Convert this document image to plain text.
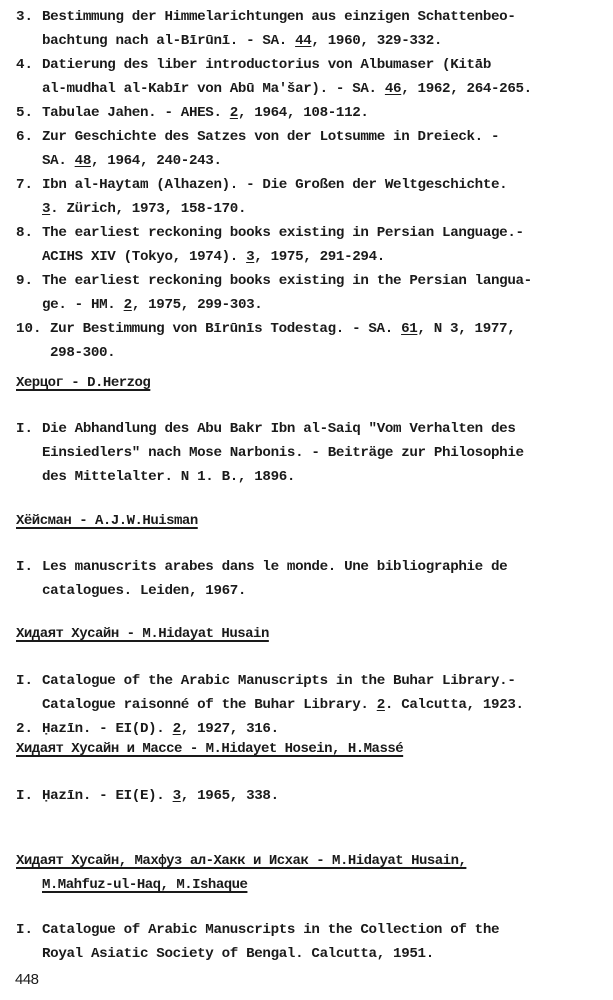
3. Bestimmung der Himmelarichtungen aus einzigen Schattenbeo-
bachtung nach al-Bīrūnī. - SA. 44, 1960, 329-332.
4. Datierung des liber introductorius von Albumaser (Kitāb
al-mudhal al-Kabīr von Abū Ma'šar). - SA. 46, 1962, 264-265.
5. Tabulae Jahen. - AHES. 2, 1964, 108-112.
6. Zur Geschichte des Satzes von der Lotsumme in Dreieck. -
SA. 48, 1964, 240-243.
7. Ibn al-Haytam (Alhazen). - Die Großen der Weltgeschichte.
3. Zürich, 1973, 158-170.
8. The earliest reckoning books existing in Persian Language.-
ACIHS XIV (Tokyo, 1974). 3, 1975, 291-294.
9. The earliest reckoning books existing in the Persian langua-
ge. - HM. 2, 1975, 299-303.
10. Zur Bestimmung von Bīrūnīs Todestag. - SA. 61, N 3, 1977,
298-300.
Херцог - D.Herzog
I. Die Abhandlung des Abu Bakr Ibn al-Saiq "Vom Verhalten des
Einsiedlers" nach Mose Narbonis. - Beiträge zur Philosophie
des Mittelalter. N 1. B., 1896.
Хёйсман - A.J.W.Huisman
I. Les manuscrits arabes dans le monde. Une bibliographie de
catalogues. Leiden, 1967.
Хидаят Хусайн - M.Hidayat Husain
I. Catalogue of the Arabic Manuscripts in the Buhar Library.-
Catalogue raisonné of the Buhar Library. 2. Calcutta, 1923.
2. Ḥazīn. - EI(D). 2, 1927, 316.
Хидаят Хусайн и Массе - M.Hidayet Hosein, H.Massé
I. Ḥazīn. - EI(E). 3, 1965, 338.
Хидаят Хусайн, Махфуз ал-Хакк и Исхак - M.Hidayat Husain,
M.Mahfuz-ul-Haq, M.Ishaque
I. Catalogue of Arabic Manuscripts in the Collection of the
Royal Asiatic Society of Bengal. Calcutta, 1951.
448
